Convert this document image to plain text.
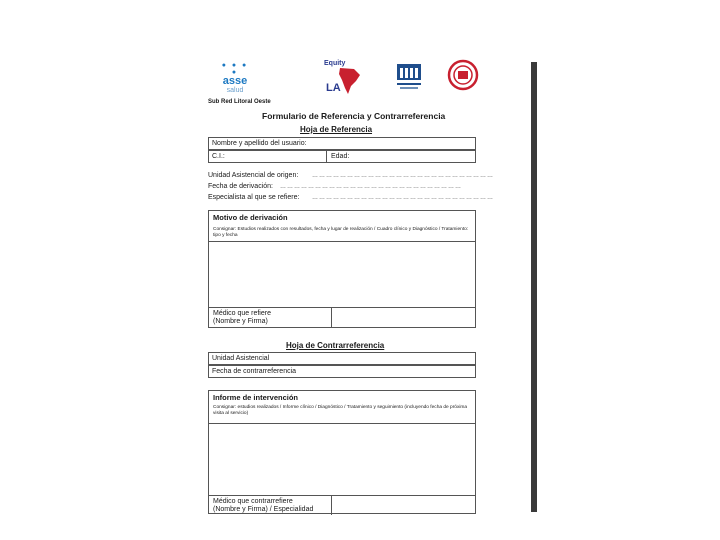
● ● ● ●
asse
salud
Equity
LA
Sub Red Litoral Oeste
Formulario de Referencia y Contrarreferencia
Hoja de Referencia
Nombre y apellido del usuario:
C.I.:	Edad:
Unidad Asistencial de origen: ……………………………………………………………………
Fecha de derivación: ……………………………………………………………………
Especialista al que se refiere: ……………………………………………………………………
Motivo de derivación
Consignar: Estudios realizados con resultados, fecha y lugar de realización / Cuadro clínico y Diagnóstico / Tratamiento: tipo y fecha
Médico que refiere
(Nombre y Firma)
Hoja de Contrarreferencia
Unidad Asistencial
Fecha de contrarreferencia
Informe de intervención
Consignar: estudios realizados / Informe clínico / Diagnóstico / Tratamiento y seguimiento (incluyendo fecha de próxima visita al servicio)
Médico que contrarrefiere
(Nombre y Firma) / Especialidad
